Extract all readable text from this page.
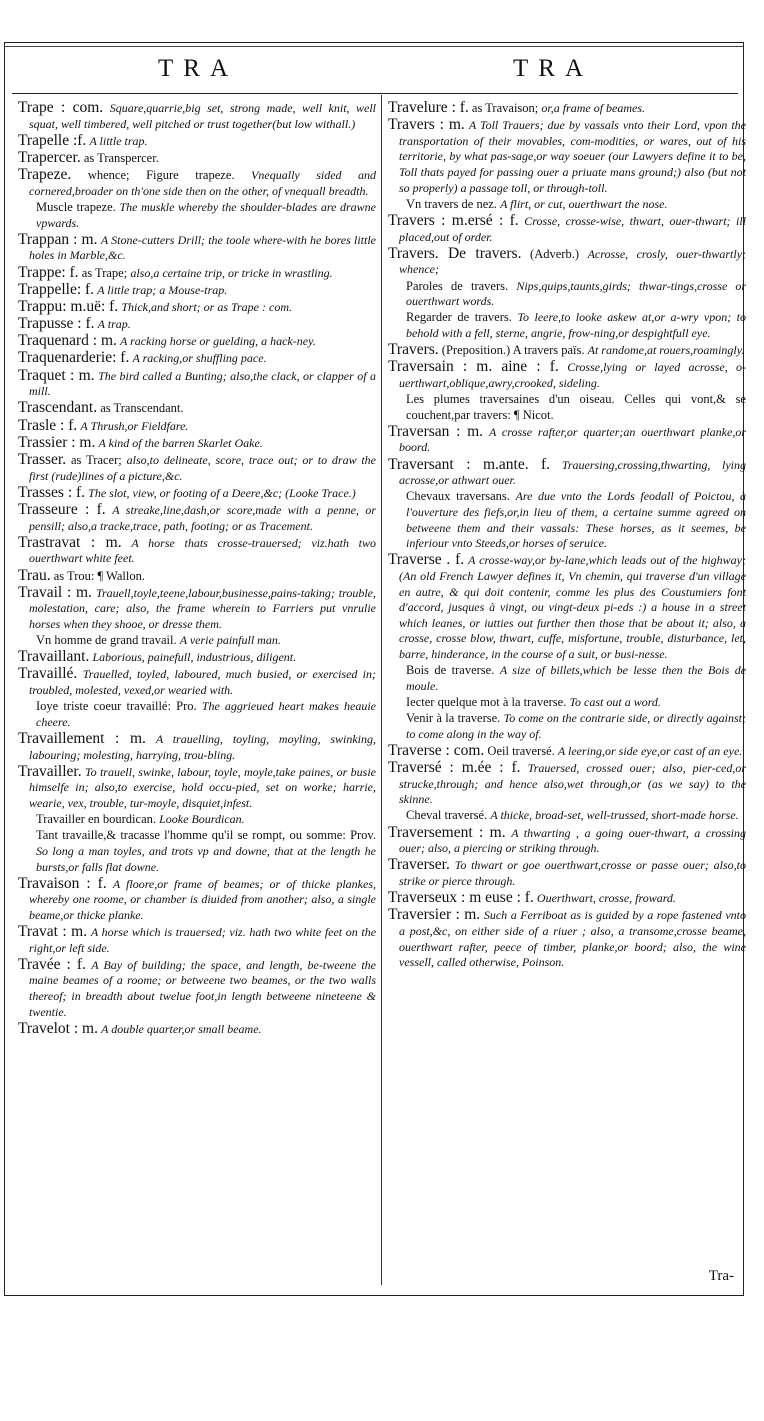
TRA	TRA

Trape : com. Square,quarrie,big set, strong made, well knit, well squat, well timbered, well pitched or trust together(but low withall.)

Trapelle :f. A little trap.

Trapercer. as Transpercer.

Trapeze. whence; Figure trapeze. Vnequally sided and cornered,broader on th'one side then on the other, of vnequall breadth.

Muscle trapeze. The muskle whereby the shoulder-blades are drawne vpwards.

Trappan : m. A Stone-cutters Drill; the toole where-with he bores little holes in Marble,&c.

Trappe: f. as Trape; also,a certaine trip, or tricke in wrastling.

Trappelle: f. A little trap; a Mouse-trap.

Trappu: m.uë: f. Thick,and short; or as Trape : com.

Trapusse : f. A trap.

Traquenard : m. A racking horse or guelding, a hack-ney.

Traquenarderie: f. A racking,or shuffling pace.

Traquet : m. The bird called a Bunting; also,the clack, or clapper of a mill.

Trascendant. as Transcendant.

Trasle : f. A Thrush,or Fieldfare.

Trassier : m. A kind of the barren Skarlet Oake.

Trasser. as Tracer; also,to delineate, score, trace out; or to draw the first (rude)lines of a picture,&c.

Trasses : f. The slot, view, or footing of a Deere,&c; (Looke Trace.)

Trasseure : f. A streake,line,dash,or score,made with a penne, or pensill; also,a tracke,trace, path, footing; or as Tracement.

Trastravat : m. A horse thats crosse-trauersed; viz.hath two ouerthwart white feet.

Trau. as Trou: ¶ Wallon.

Travail : m. Trauell,toyle,teene,labour,businesse,pains-taking; trouble, molestation, care; also, the frame wherein to Farriers put vnrulie horses when they shooe, or dresse them.

Vn homme de grand travail. A verie painfull man.

Travaillant. Laborious, painefull, industrious, diligent.

Travaillé. Trauelled, toyled, laboured, much busied, or exercised in; troubled, molested, vexed,or wearied with.

Ioye triste coeur travaillé: Pro. The aggrieued heart makes heauie cheere.

Travaillement : m. A trauelling, toyling, moyling, swinking, labouring; molesting, harrying, trou-bling.

Travailler. To trauell, swinke, labour, toyle, moyle,take paines, or busie himselfe in; also,to exercise, hold occu-pied, set on worke; harrie, wearie, vex, trouble, tur-moyle, disquiet,infest.

Travailler en bourdican. Looke Bourdican.

Tant travaille,& tracasse l'homme qu'il se rompt, ou somme: Prov. So long a man toyles, and trots vp and downe, that at the length he bursts,or falls flat downe.

Travaison : f. A floore,or frame of beames; or of thicke plankes, whereby one roome, or chamber is diuided from another; also, a single beame,or thicke planke.

Travat : m. A horse which is trauersed; viz. hath two white feet on the right,or left side.

Travée : f. A Bay of building; the space, and length, be-tweene the maine beames of a roome; or betweene two beames, or the two walls thereof; in breadth about twelue foot,in length betweene nineteene & twentie.

Travelot : m. A double quarter,or small beame.

Travelure : f. as Travaison; or,a frame of beames.

Travers : m. A Toll Trauers; due by vassals vnto their Lord, vpon the transportation of their movables, com-modities, or wares, out of his territorie, by what pas-sage,or way soeuer (our Lawyers define it to be, Toll thats payed for passing ouer a priuate mans ground;) also (but not so properly) a passage toll, or through-toll.

Vn travers de nez. A flirt, or cut, ouerthwart the nose.

Travers : m.ersé : f. Crosse, crosse-wise, thwart, ouer-thwart; ill placed,out of order.

Travers. De travers. (Adverb.) Acrosse, crosly, ouer-thwartly; whence;

Paroles de travers. Nips,quips,taunts,girds; thwar-tings,crosse or ouerthwart words.

Regarder de travers. To leere,to looke askew at,or a-wry vpon; to behold with a fell, sterne, angrie, frow-ning,or despightfull eye.

Travers. (Preposition.) A travers païs. At randome,at rouers,roamingly.

Traversain : m. aine : f. Crosse,lying or layed acrosse, o-uerthwart,oblique,awry,crooked, sideling.

Les plumes traversaines d'un oiseau. Celles qui vont,& se couchent,par travers: ¶ Nicot.

Traversan : m. A crosse rafter,or quarter;an ouerthwart planke,or boord.

Traversant : m.ante. f. Trauersing,crossing,thwarting, lying acrosse,or athwart ouer.

Chevaux traversans. Are due vnto the Lords feodall of Poictou, à l'ouverture des fiefs,or,in lieu of them, a certaine summe agreed on betweene them and their vassals: These horses, as it seemes, be inferiour vnto Steeds,or horses of seruice.

Traverse . f. A crosse-way,or by-lane,which leads out of the highway; (An old French Lawyer defines it, Vn chemin, qui traverse d'un village en autre, & qui doit contenir, comme les plus des Coustumiers font d'accord, jusques à vingt, ou vingt-deux pi-eds :) a house in a street which leanes, or iutties out further then those that be about it; also, a crosse, crosse blow, thwart, cuffe, misfortune, trouble, disturbance, let, barre, hinderance, in the course of a suit, or busi-nesse.

Bois de traverse. A size of billets,which be lesse then the Bois de moule.

Iecter quelque mot à la traverse. To cast out a word.

Venir à la traverse. To come on the contrarie side, or directly against; to come along in the way of.

Traverse : com. Oeil traversé. A leering,or side eye,or cast of an eye.

Traversé : m.ée : f. Trauersed, crossed ouer; also, pier-ced,or strucke,through; and hence also,wet through,or (as we say) to the skinne.

Cheval traversé. A thicke, broad-set, well-trussed, short-made horse.

Traversement : m. A thwarting , a going ouer-thwart, a crossing ouer; also, a piercing or striking through.

Traverser. To thwart or goe ouerthwart,crosse or passe ouer; also,to strike or pierce through.

Traverseux : m euse : f. Ouerthwart, crosse, froward.

Traversier : m. Such a Ferriboat as is guided by a rope fastened vnto a post,&c, on either side of a riuer ; also, a transome,crosse beame, ouerthwart rafter, peece of timber, planke,or boord; also, the wine vessell, called otherwise, Poinson.

Tra-
